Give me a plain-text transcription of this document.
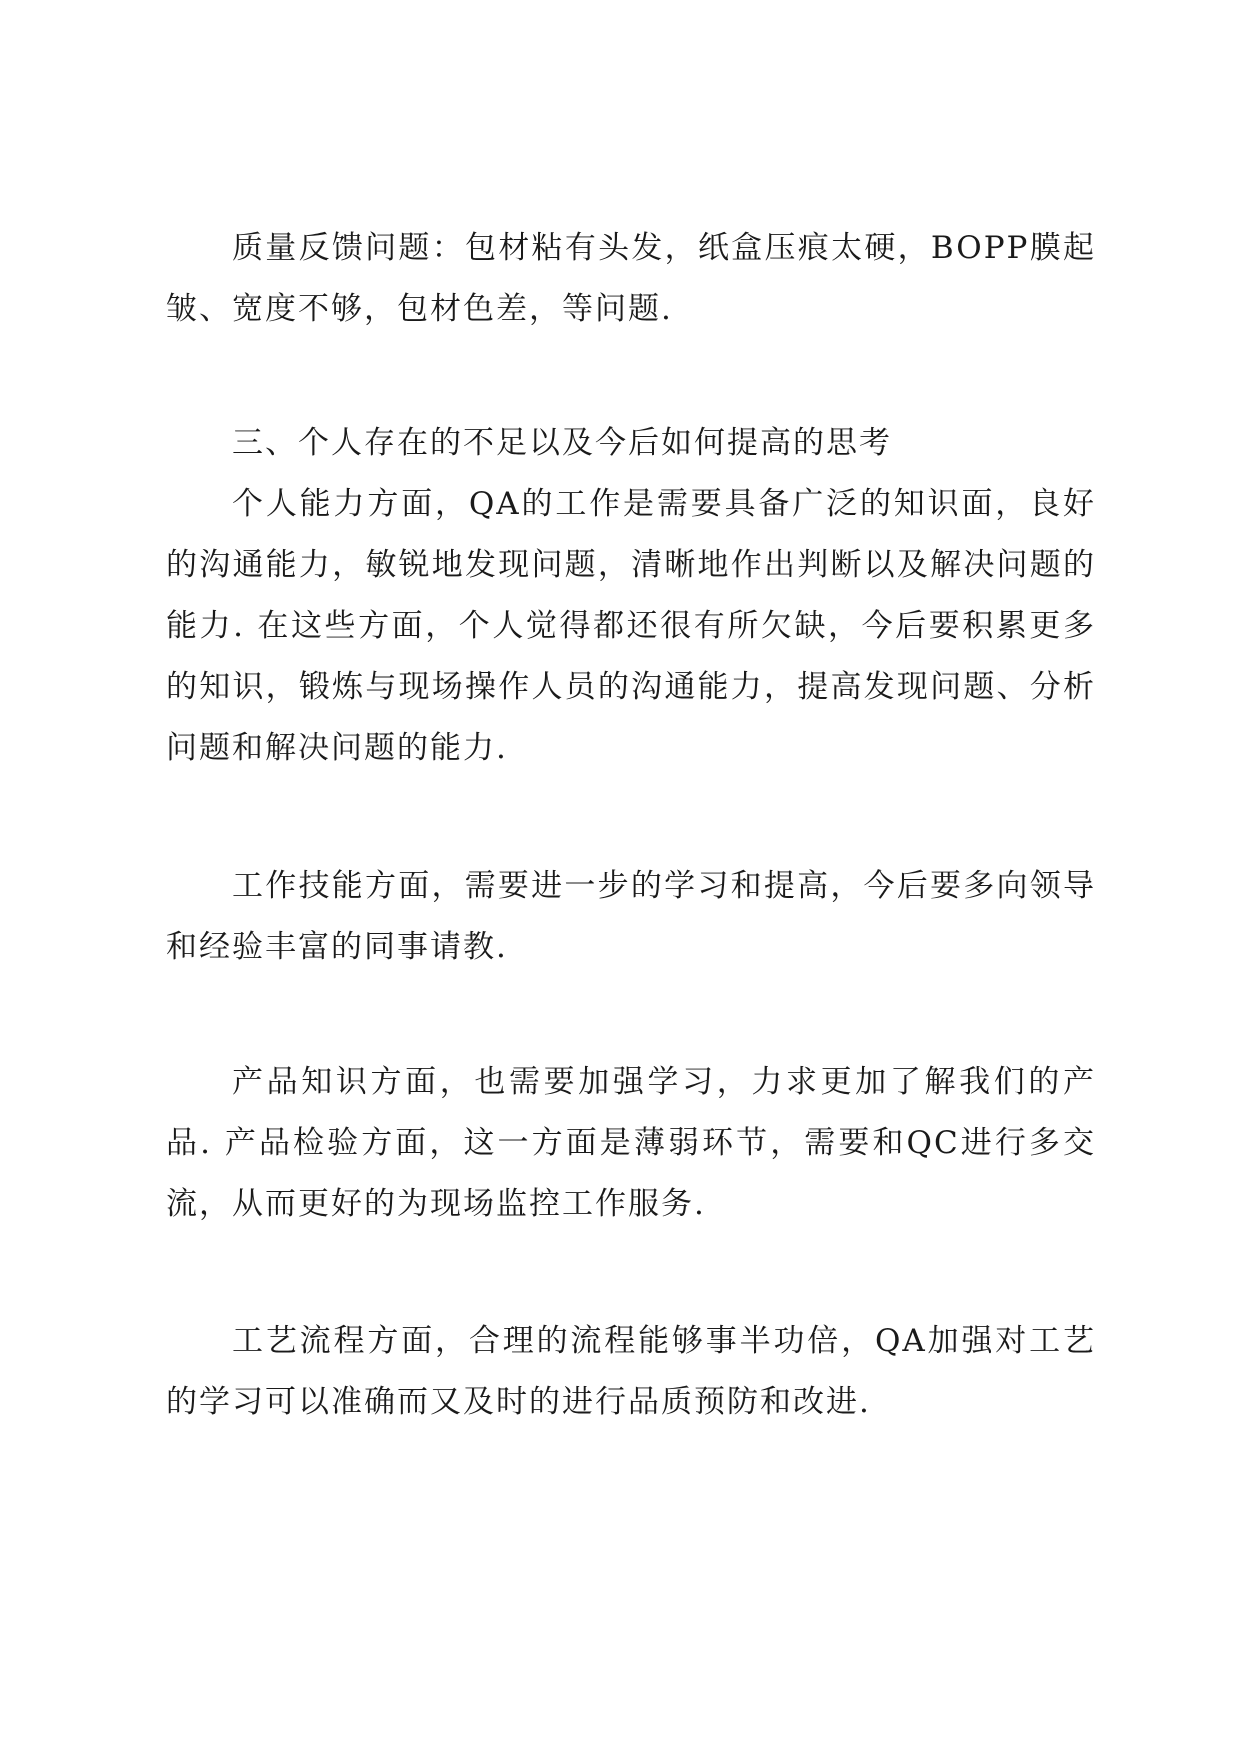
质量反馈问题：包材粘有头发，纸盒压痕太硬，BOPP膜起皱、宽度不够，包材色差，等问题.

三、个人存在的不足以及今后如何提高的思考

个人能力方面，QA的工作是需要具备广泛的知识面，良好的沟通能力，敏锐地发现问题，清晰地作出判断以及解决问题的能力. 在这些方面，个人觉得都还很有所欠缺，今后要积累更多的知识，锻炼与现场操作人员的沟通能力，提高发现问题、分析问题和解决问题的能力.

工作技能方面，需要进一步的学习和提高，今后要多向领导和经验丰富的同事请教.

产品知识方面，也需要加强学习，力求更加了解我们的产品. 产品检验方面，这一方面是薄弱环节，需要和QC进行多交流，从而更好的为现场监控工作服务.

工艺流程方面，合理的流程能够事半功倍，QA加强对工艺的学习可以准确而又及时的进行品质预防和改进.
